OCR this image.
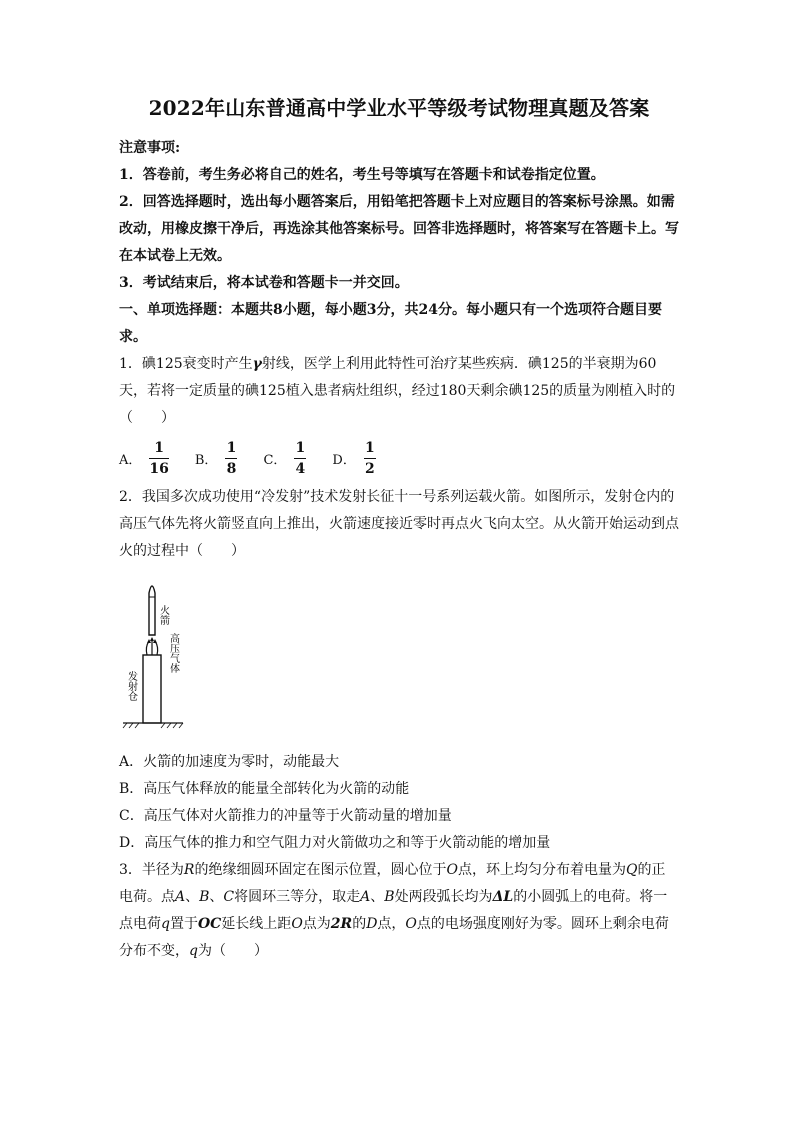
2022年山东普通高中学业水平等级考试物理真题及答案

注意事项:

1．答卷前，考生务必将自己的姓名，考生号等填写在答题卡和试卷指定位置。

2．回答选择题时，选出每小题答案后，用铅笔把答题卡上对应题目的答案标号涂黑。如需改动，用橡皮擦干净后，再选涂其他答案标号。回答非选择题时，将答案写在答题卡上。写在本试卷上无效。

3．考试结束后，将本试卷和答题卡一并交回。

一、单项选择题：本题共8小题，每小题3分，共24分。每小题只有一个选项符合题目要求。

1．碘125衰变时产生γ射线，医学上利用此特性可治疗某些疾病．碘125的半衰期为60天，若将一定质量的碘125植入患者病灶组织，经过180天剩余碘125的质量为刚植入时的（　　）

A． $\frac{1}{16}$ B． $\frac{1}{8}$ C． $\frac{1}{4}$ D． $\frac{1}{2}$

2．我国多次成功使用“冷发射”技术发射长征十一号系列运载火箭。如图所示，发射仓内的高压气体先将火箭竖直向上推出，火箭速度接近零时再点火飞向太空。从火箭开始运动到点火的过程中（　　）

火箭
高压气体
发射仓

A．火箭的加速度为零时，动能最大

B．高压气体释放的能量全部转化为火箭的动能

C．高压气体对火箭推力的冲量等于火箭动量的增加量

D．高压气体的推力和空气阻力对火箭做功之和等于火箭动能的增加量

3．半径为R的绝缘细圆环固定在图示位置，圆心位于O点，环上均匀分布着电量为Q的正电荷。点A、B、C将圆环三等分，取走A、B处两段弧长均为ΔL的小圆弧上的电荷。将一点电荷q置于OC延长线上距O点为2R的D点，O点的电场强度刚好为零。圆环上剩余电荷分布不变，q为（　　）
